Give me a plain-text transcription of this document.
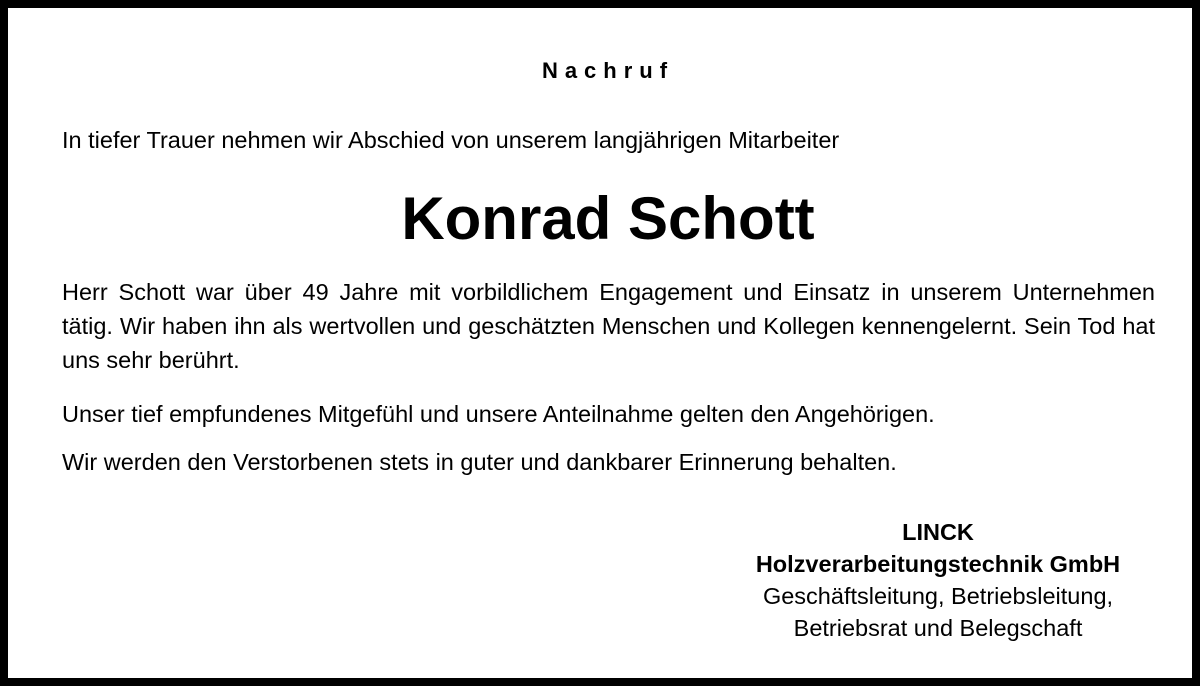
Nachruf
In tiefer Trauer nehmen wir Abschied von unserem langjährigen Mitarbeiter
Konrad Schott
Herr Schott war über 49 Jahre mit vorbildlichem Engagement und Einsatz in unserem Unternehmen tätig. Wir haben ihn als wertvollen und geschätzten Menschen und Kollegen kennengelernt. Sein Tod hat uns sehr berührt.
Unser tief empfundenes Mitgefühl und unsere Anteilnahme gelten den Angehörigen.
Wir werden den Verstorbenen stets in guter und dankbarer Erinnerung behalten.
LINCK
Holzverarbeitungstechnik GmbH
Geschäftsleitung, Betriebsleitung,
Betriebsrat und Belegschaft
